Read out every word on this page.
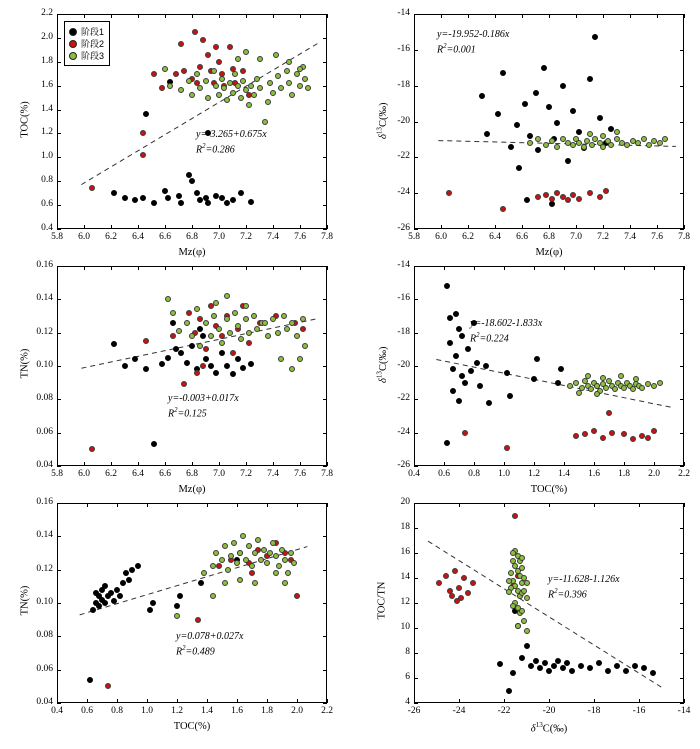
5.8	6.0	6.2	6.4	6.6	6.8	7.0	7.2	7.4	7.6	7.8
0.4
0.6
0.8
1.0
1.2
1.4
1.6
1.8
2.0
2.2
Mz(φ)
TOC(%)	y=-3.265+0.675x
$R^2=0.286$
5.8	6.0	6.2	6.4	6.6	6.8	7.0	7.2	7.4	7.6	7.8
-26
-24
-22
-20
-18
-16
-14
Mz(φ)
$\delta^{13}C(‰)$
y=-19.952-0.186x
$R^2=0.001$
5.8	6.0	6.2	6.4	6.6	6.8	7.0	7.2	7.4	7.6	7.8
0.04
0.06
0.08
0.10
0.12
0.14
0.16
Mz(φ)
TN(%)
y=-0.003+0.017x
$R^2=0.125$
0.4	0.6	0.8	1.0	1.2	1.4	1.6	1.8	2.0	2.2
-26
-24
-22
-20
-18
-16
-14
TOC(%)
$\delta^{13}C(‰)$
y=-18.602-1.833x
$R^2=0.224$
0.4	0.6	0.8	1.0	1.2	1.4	1.6	1.8	2.0	2.2
0.04
0.06
0.08
0.10
0.12
0.14
0.16
TOC(%)
TN(%)
y=0.078+0.027x
$R^2=0.489$
-26	-24	-22	-20	-18	-16	-14
4
6
8
10
12
14
16
18
20
$\delta^{13}C(‰)$
TOC/TN
y=-11.628-1.126x
$R^2=0.396$
阶段1
阶段2
阶段3
